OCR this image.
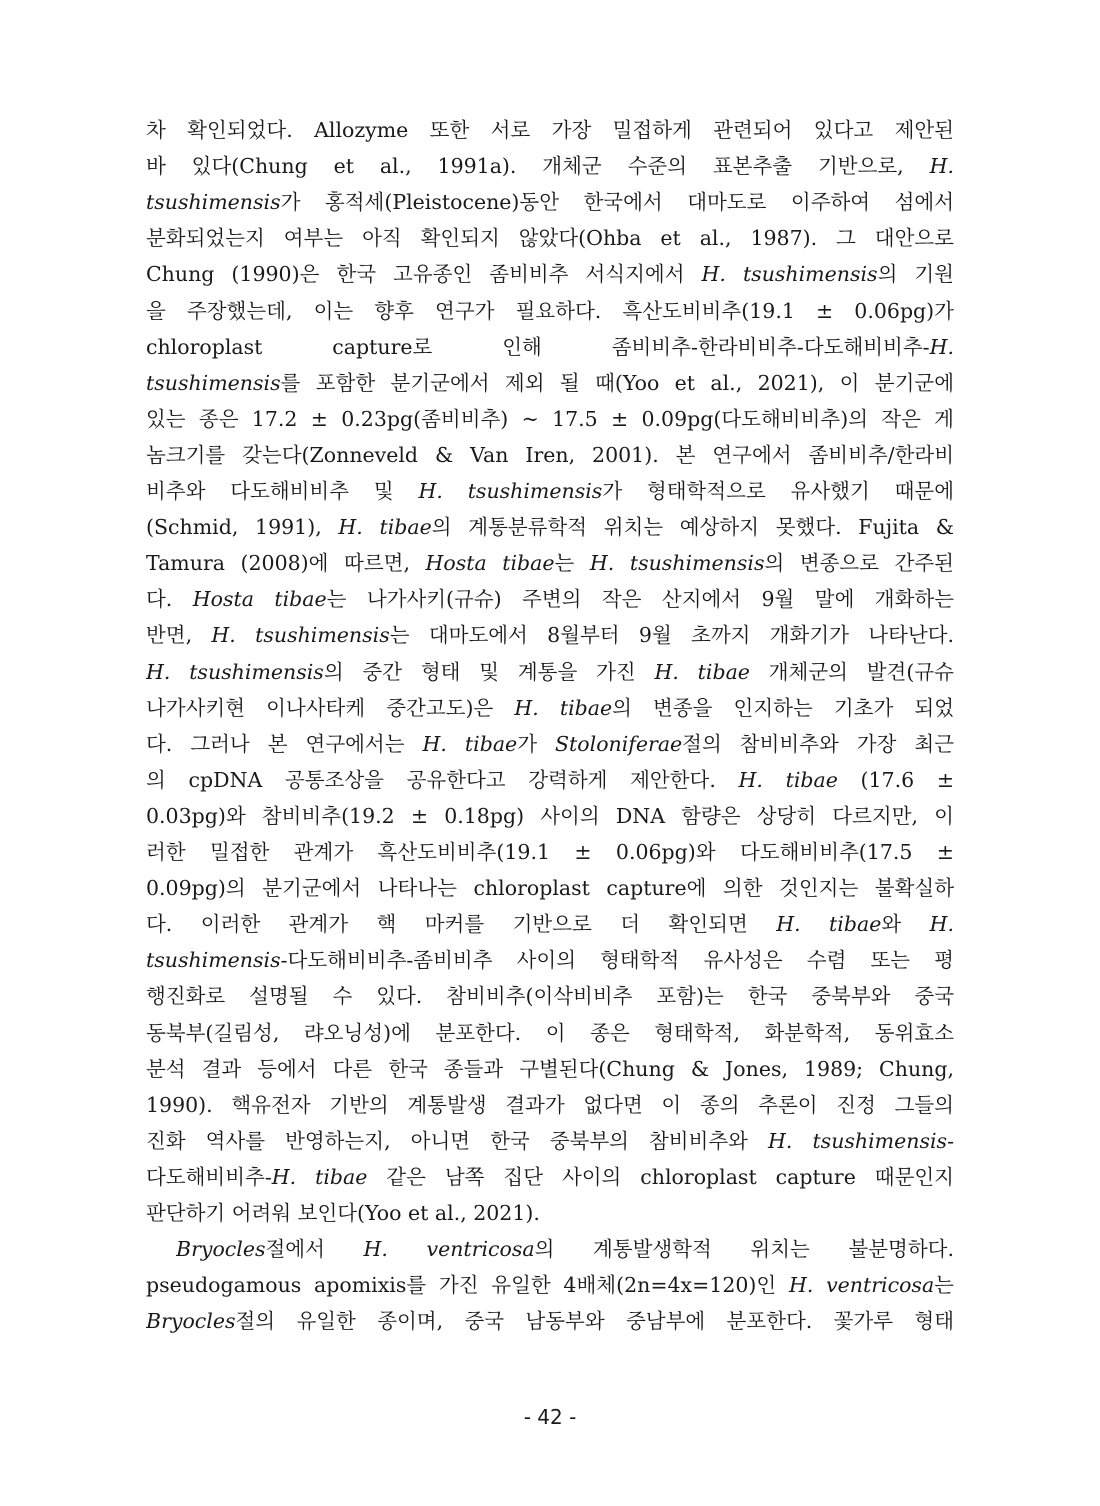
차 확인되었다. Allozyme 또한 서로 가장 밀접하게 관련되어 있다고 제안된
바 있다(Chung et al., 1991a). 개체군 수준의 표본추출 기반으로, H.
tsushimensis가 홍적세(Pleistocene)동안 한국에서 대마도로 이주하여 섬에서
분화되었는지 여부는 아직 확인되지 않았다(Ohba et al., 1987). 그 대안으로
Chung (1990)은 한국 고유종인 좀비비추 서식지에서 H. tsushimensis의 기원
을 주장했는데, 이는 향후 연구가 필요하다. 흑산도비비추(19.1 ± 0.06pg)가
chloroplast capture로 인해 좀비비추-한라비비추-다도해비비추-H.
tsushimensis를 포함한 분기군에서 제외 될 때(Yoo et al., 2021), 이 분기군에
있는 종은 17.2 ± 0.23pg(좀비비추) ~ 17.5 ± 0.09pg(다도해비비추)의 작은 게
놈크기를 갖는다(Zonneveld & Van Iren, 2001). 본 연구에서 좀비비추/한라비
비추와 다도해비비추 및 H. tsushimensis가 형태학적으로 유사했기 때문에
(Schmid, 1991), H. tibae의 계통분류학적 위치는 예상하지 못했다. Fujita &
Tamura (2008)에 따르면, Hosta tibae는 H. tsushimensis의 변종으로 간주된
다. Hosta tibae는 나가사키(규슈) 주변의 작은 산지에서 9월 말에 개화하는
반면, H. tsushimensis는 대마도에서 8월부터 9월 초까지 개화기가 나타난다.
H. tsushimensis의 중간 형태 및 계통을 가진 H. tibae 개체군의 발견(규슈
나가사키현 이나사타케 중간고도)은 H. tibae의 변종을 인지하는 기초가 되었
다. 그러나 본 연구에서는 H. tibae가 Stoloniferae절의 참비비추와 가장 최근
의 cpDNA 공통조상을 공유한다고 강력하게 제안한다. H. tibae (17.6 ±
0.03pg)와 참비비추(19.2 ± 0.18pg) 사이의 DNA 함량은 상당히 다르지만, 이
러한 밀접한 관계가 흑산도비비추(19.1 ± 0.06pg)와 다도해비비추(17.5 ±
0.09pg)의 분기군에서 나타나는 chloroplast capture에 의한 것인지는 불확실하
다. 이러한 관계가 핵 마커를 기반으로 더 확인되면 H. tibae와 H.
tsushimensis-다도해비비추-좀비비추 사이의 형태학적 유사성은 수렴 또는 평
행진화로 설명될 수 있다. 참비비추(이삭비비추 포함)는 한국 중북부와 중국
동북부(길림성, 랴오닝성)에 분포한다. 이 종은 형태학적, 화분학적, 동위효소
분석 결과 등에서 다른 한국 종들과 구별된다(Chung & Jones, 1989; Chung,
1990). 핵유전자 기반의 계통발생 결과가 없다면 이 종의 추론이 진정 그들의
진화 역사를 반영하는지, 아니면 한국 중북부의 참비비추와 H. tsushimensis-
다도해비비추-H. tibae 같은 남쪽 집단 사이의 chloroplast capture 때문인지
판단하기 어려워 보인다(Yoo et al., 2021).
Bryocles절에서 H. ventricosa의 계통발생학적 위치는 불분명하다.
pseudogamous apomixis를 가진 유일한 4배체(2n=4x=120)인 H. ventricosa는
Bryocles절의 유일한 종이며, 중국 남동부와 중남부에 분포한다. 꽃가루 형태
- 42 -
